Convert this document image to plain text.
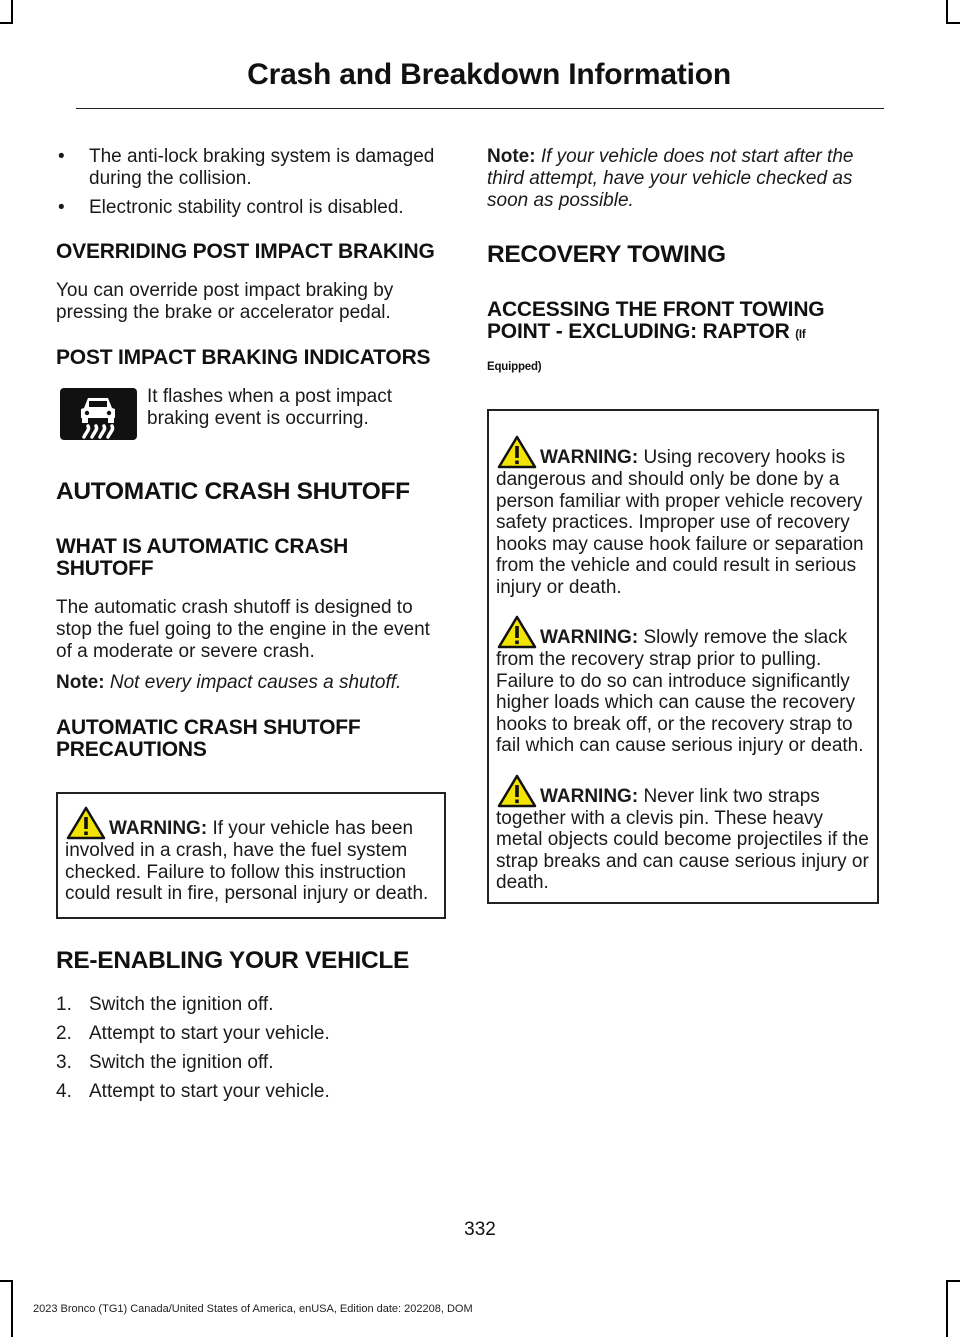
Crash and Breakdown Information
• The anti-lock braking system is damaged during the collision.
• Electronic stability control is disabled.
OVERRIDING POST IMPACT BRAKING

You can override post impact braking by pressing the brake or accelerator pedal.

POST IMPACT BRAKING INDICATORS

It flashes when a post impact braking event is occurring.

AUTOMATIC CRASH SHUTOFF
WHAT IS AUTOMATIC CRASH SHUTOFF

The automatic crash shutoff is designed to stop the fuel going to the engine in the event of a moderate or severe crash.

Note: Not every impact causes a shutoff.

AUTOMATIC CRASH SHUTOFF PRECAUTIONS

WARNING: If your vehicle has been involved in a crash, have the fuel system checked. Failure to follow this instruction could result in fire, personal injury or death.

RE-ENABLING YOUR VEHICLE
1. Switch the ignition off.
2. Attempt to start your vehicle.
3. Switch the ignition off.
4. Attempt to start your vehicle.

Note: If your vehicle does not start after the third attempt, have your vehicle checked as soon as possible.

RECOVERY TOWING
ACCESSING THE FRONT TOWING POINT - EXCLUDING: RAPTOR (If
Equipped)

WARNING: Using recovery hooks is dangerous and should only be done by a person familiar with proper vehicle recovery safety practices. Improper use of recovery hooks may cause hook failure or separation from the vehicle and could result in serious injury or death.

WARNING: Slowly remove the slack from the recovery strap prior to pulling. Failure to do so can introduce significantly higher loads which can cause the recovery hooks to break off, or the recovery strap to fail which can cause serious injury or death.

WARNING: Never link two straps together with a clevis pin. These heavy metal objects could become projectiles if the strap breaks and can cause serious injury or death.

332
2023 Bronco (TG1) Canada/United States of America, enUSA, Edition date: 202208, DOM
